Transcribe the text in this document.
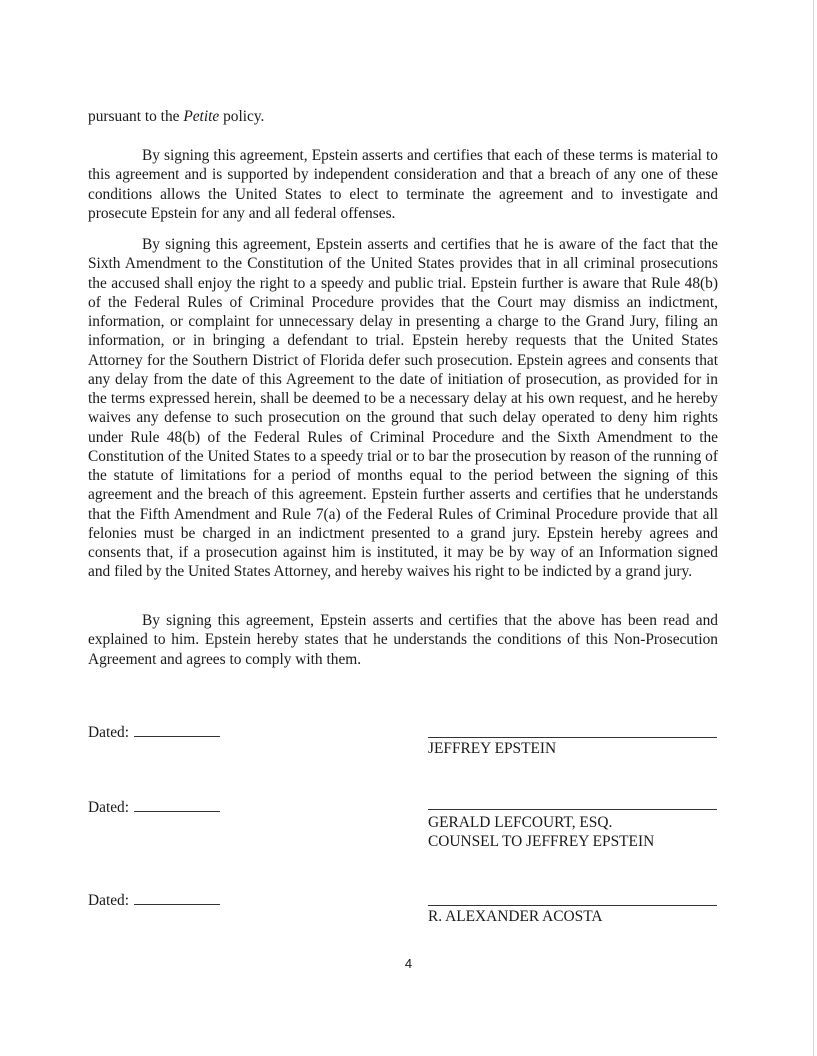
pursuant to the Petite policy.

By signing this agreement, Epstein asserts and certifies that each of these terms is material to this agreement and is supported by independent consideration and that a breach of any one of these conditions allows the United States to elect to terminate the agreement and to investigate and prosecute Epstein for any and all federal offenses.

By signing this agreement, Epstein asserts and certifies that he is aware of the fact that the Sixth Amendment to the Constitution of the United States provides that in all criminal prosecutions the accused shall enjoy the right to a speedy and public trial. Epstein further is aware that Rule 48(b) of the Federal Rules of Criminal Procedure provides that the Court may dismiss an indictment, information, or complaint for unnecessary delay in presenting a charge to the Grand Jury, filing an information, or in bringing a defendant to trial. Epstein hereby requests that the United States Attorney for the Southern District of Florida defer such prosecution. Epstein agrees and consents that any delay from the date of this Agreement to the date of initiation of prosecution, as provided for in the terms expressed herein, shall be deemed to be a necessary delay at his own request, and he hereby waives any defense to such prosecution on the ground that such delay operated to deny him rights under Rule 48(b) of the Federal Rules of Criminal Procedure and the Sixth Amendment to the Constitution of the United States to a speedy trial or to bar the prosecution by reason of the running of the statute of limitations for a period of months equal to the period between the signing of this agreement and the breach of this agreement. Epstein further asserts and certifies that he understands that the Fifth Amendment and Rule 7(a) of the Federal Rules of Criminal Procedure provide that all felonies must be charged in an indictment presented to a grand jury. Epstein hereby agrees and consents that, if a prosecution against him is instituted, it may be by way of an Information signed and filed by the United States Attorney, and hereby waives his right to be indicted by a grand jury.

By signing this agreement, Epstein asserts and certifies that the above has been read and explained to him. Epstein hereby states that he understands the conditions of this Non-Prosecution Agreement and agrees to comply with them.

Dated:
JEFFREY EPSTEIN
Dated:
GERALD LEFCOURT, ESQ.
COUNSEL TO JEFFREY EPSTEIN
Dated:
R. ALEXANDER ACOSTA
4
